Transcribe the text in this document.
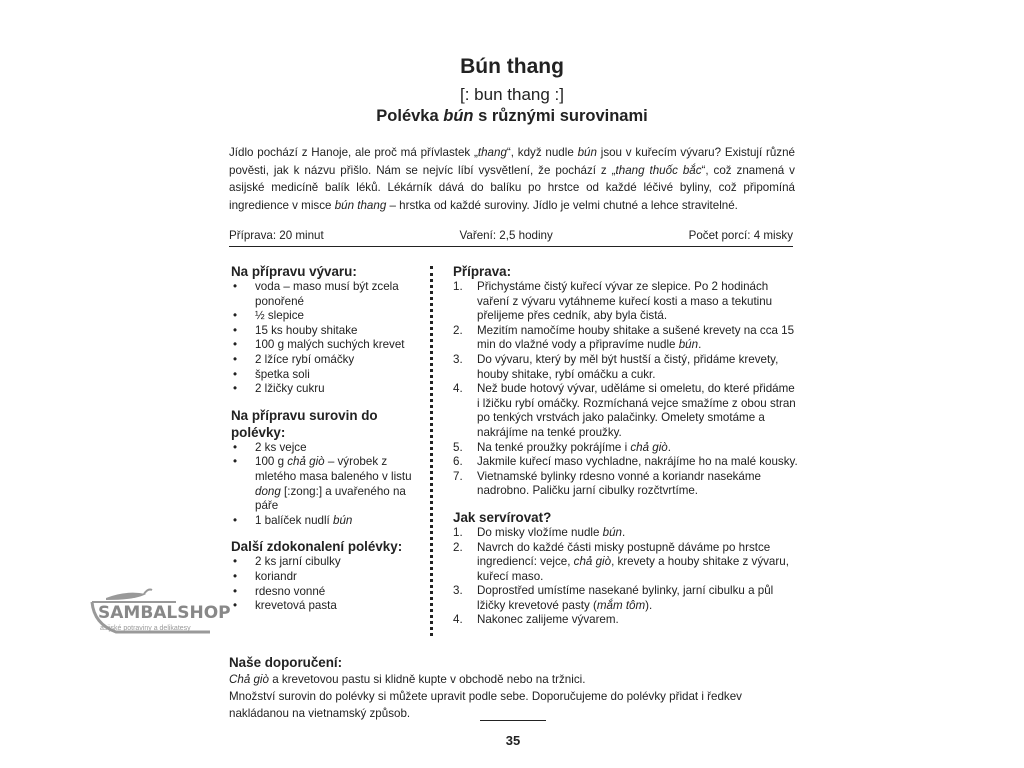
Bún thang
[: bun thang :]
Polévka bún s různými surovinami
Jídlo pochází z Hanoje, ale proč má přívlastek „thang“, když nudle bún jsou v kuřecím vývaru? Existují různé pověsti, jak k názvu přišlo. Nám se nejvíc líbí vysvětlení, že pochází z „thang thuốc bắc“, což znamená v asijské medicíně balík léků. Lékárník dává do balíku po hrstce od každé léčivé byliny, což připomíná ingredience v misce bún thang – hrstka od každé suroviny. Jídlo je velmi chutné a lehce stravitelné.
Příprava: 20 minut	Vaření: 2,5 hodiny	Počet porcí: 4 misky
Na přípravu vývaru:
• voda – maso musí být zcela ponořené
• ½ slepice
• 15 ks houby shitake
• 100 g malých suchých krevet
• 2 lžíce rybí omáčky
• špetka soli
• 2 lžičky cukru
Na přípravu surovin do polévky:
• 2 ks vejce
• 100 g chả giò – výrobek z mletého masa baleného v listu dong [:zong:] a uvařeného na páře
• 1 balíček nudlí bún
Další zdokonalení polévky:
• 2 ks jarní cibulky
• koriandr
• rdesno vonné
• krevetová pasta
Příprava:
1. Přichystáme čistý kuřecí vývar ze slepice. Po 2 hodinách vaření z vývaru vytáhneme kuřecí kosti a maso a tekutinu přelijeme přes cedník, aby byla čistá.
2. Mezitím namočíme houby shitake a sušené krevety na cca 15 min do vlažné vody a připravíme nudle bún.
3. Do vývaru, který by měl být hustší a čistý, přidáme krevety, houby shitake, rybí omáčku a cukr.
4. Než bude hotový vývar, uděláme si omeletu, do které přidáme i lžičku rybí omáčky. Rozmíchaná vejce smažíme z obou stran po tenkých vrstvách jako palačinky. Omelety smotáme a nakrájíme na tenké proužky.
5. Na tenké proužky pokrájíme i chả giò.
6. Jakmile kuřecí maso vychladne, nakrájíme ho na malé kousky.
7. Vietnamské bylinky rdesno vonné a koriandr nasekáme nadrobno. Paličku jarní cibulky rozčtvrtíme.
Jak servírovat?
1. Do misky vložíme nudle bún.
2. Navrch do každé části misky postupně dáváme po hrstce ingrediencí: vejce, chả giò, krevety a houby shitake z vývaru, kuřecí maso.
3. Doprostřed umístíme nasekané bylinky, jarní cibulku a půl lžičky krevetové pasty (mắm tôm).
4. Nakonec zalijeme vývarem.
SAMBALSHOP
asijské potraviny a delikatesy
Naše doporučení:
Chả giò a krevetovou pastu si klidně kupte v obchodě nebo na tržnici.
Množství surovin do polévky si můžete upravit podle sebe. Doporučujeme do polévky přidat i ředkev nakládanou na vietnamský způsob.
35
